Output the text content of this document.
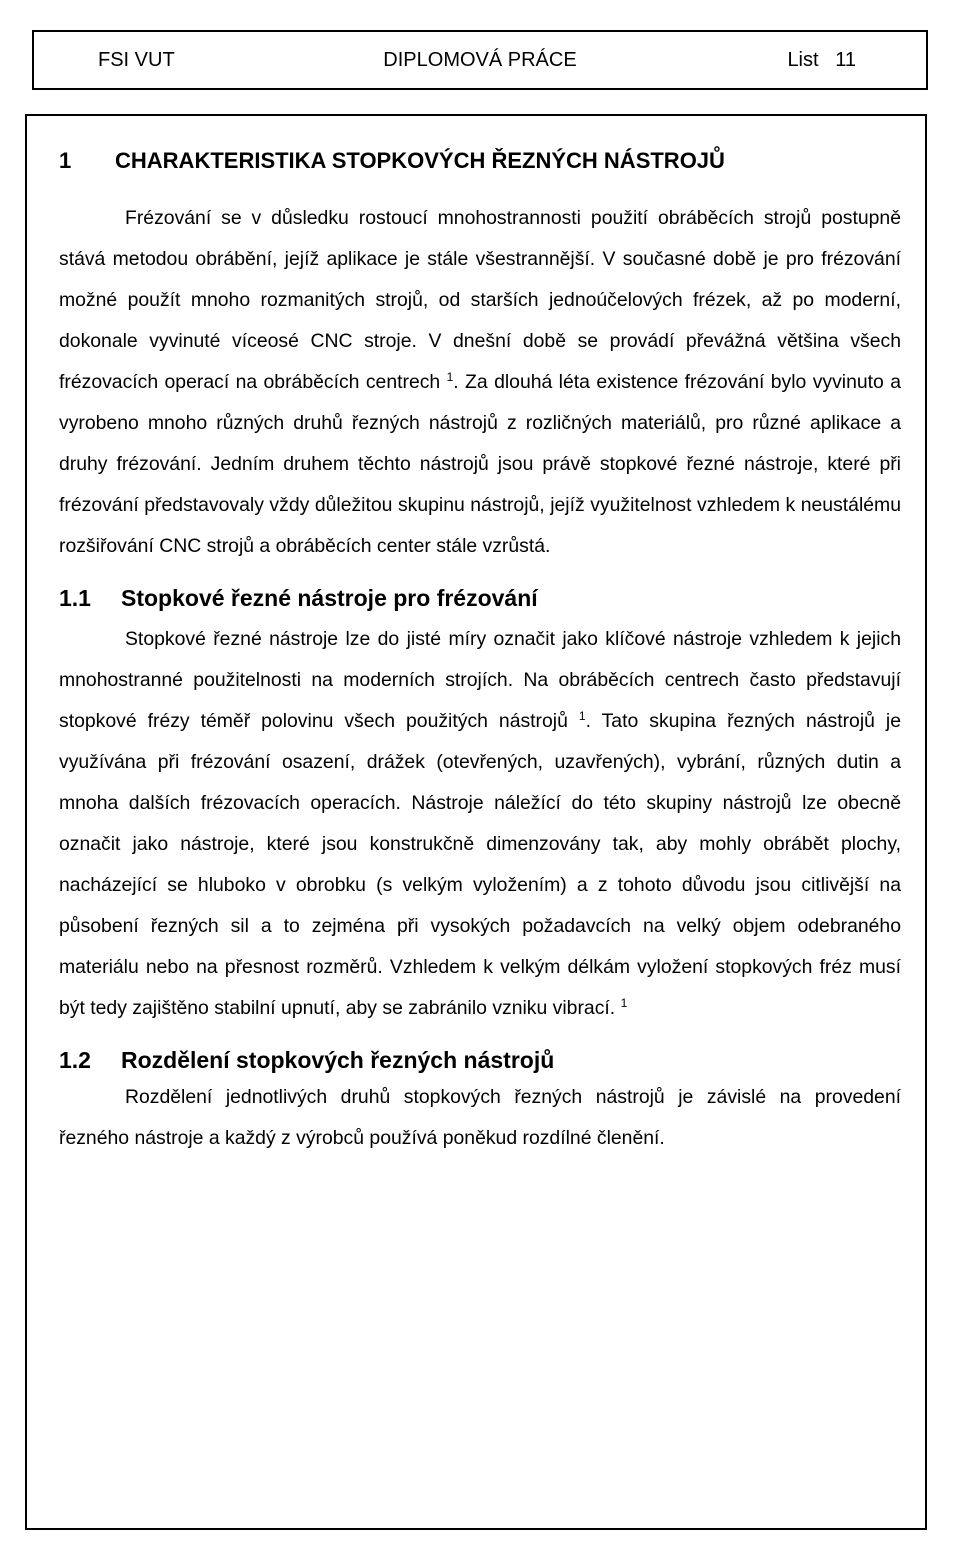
FSI VUT	DIPLOMOVÁ PRÁCE	List   11
1	CHARAKTERISTIKA STOPKOVÝCH ŘEZNÝCH NÁSTROJŮ

Frézování se v důsledku rostoucí mnohostrannosti použití obráběcích strojů postupně stává metodou obrábění, jejíž aplikace je stále všestrannější. V současné době je pro frézování možné použít mnoho rozmanitých strojů, od starších jednoúčelových frézek, až po moderní, dokonale vyvinuté víceosé CNC stroje. V dnešní době se provádí převážná většina všech frézovacích operací na obráběcích centrech $^1$. Za dlouhá léta existence frézování bylo vyvinuto a vyrobeno mnoho různých druhů řezných nástrojů z rozličných materiálů, pro různé aplikace a druhy frézování. Jedním druhem těchto nástrojů jsou právě stopkové řezné nástroje, které při frézování představovaly vždy důležitou skupinu nástrojů, jejíž využitelnost vzhledem k neustálému rozšiřování CNC strojů a obráběcích center stále vzrůstá.

1.1	Stopkové řezné nástroje pro frézování

Stopkové řezné nástroje lze do jisté míry označit jako klíčové nástroje vzhledem k jejich mnohostranné použitelnosti na moderních strojích. Na obráběcích centrech často představují stopkové frézy téměř polovinu všech použitých nástrojů $^1$. Tato skupina řezných nástrojů je využívána při frézování osazení, drážek (otevřených, uzavřených), vybrání, různých dutin a mnoha dalších frézovacích operacích. Nástroje náležící do této skupiny nástrojů lze obecně označit jako nástroje, které jsou konstrukčně dimenzovány tak, aby mohly obrábět plochy, nacházející se hluboko v obrobku (s velkým vyložením) a z tohoto důvodu jsou citlivější na působení řezných sil a to zejména při vysokých požadavcích na velký objem odebraného materiálu nebo na přesnost rozměrů. Vzhledem k velkým délkám vyložení stopkových fréz musí být tedy zajištěno stabilní upnutí, aby se zabránilo vzniku vibrací. $^1$

1.2	Rozdělení stopkových řezných nástrojů

Rozdělení jednotlivých druhů stopkových řezných nástrojů je závislé na provedení řezného nástroje a každý z výrobců používá poněkud rozdílné členění.
